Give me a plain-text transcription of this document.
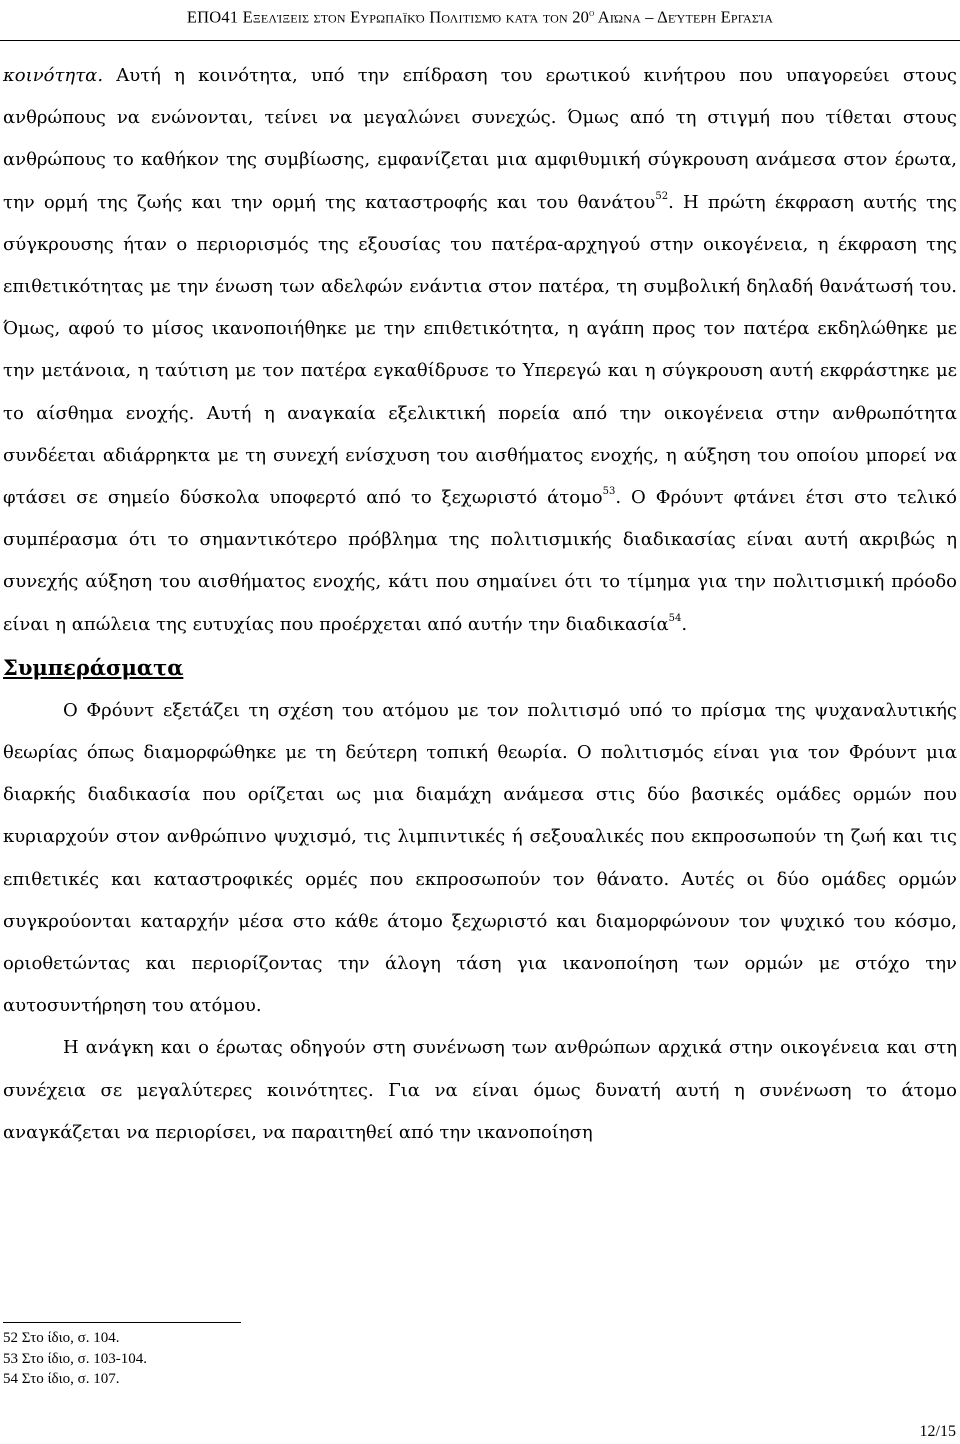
ΕΠΟ41 Εξελίξεις στον Ευρωπαϊκό Πολιτισμό κατά τον $20^o$ Αιώνα – Δεύτερη Εργασία

κοινότητα. Αυτή η κοινότητα, υπό την επίδραση του ερωτικού κινήτρου που υπαγορεύει στους ανθρώπους να ενώνονται, τείνει να μεγαλώνει συνεχώς. Όμως από τη στιγμή που τίθεται στους ανθρώπους το καθήκον της συμβίωσης, εμφανίζεται μια αμφιθυμική σύγκρουση ανάμεσα στον έρωτα, την ορμή της ζωής και την ορμή της καταστροφής και του θανάτου$^{52}$. Η πρώτη έκφραση αυτής της σύγκρουσης ήταν ο περιορισμός της εξουσίας του πατέρα-αρχηγού στην οικογένεια, η έκφραση της επιθετικότητας με την ένωση των αδελφών ενάντια στον πατέρα, τη συμβολική δηλαδή θανάτωσή του. Όμως, αφού το μίσος ικανοποιήθηκε με την επιθετικότητα, η αγάπη προς τον πατέρα εκδηλώθηκε με την μετάνοια, η ταύτιση με τον πατέρα εγκαθίδρυσε το Υπερεγώ και η σύγκρουση αυτή εκφράστηκε με το αίσθημα ενοχής. Αυτή η αναγκαία εξελικτική πορεία από την οικογένεια στην ανθρωπότητα συνδέεται αδιάρρηκτα με τη συνεχή ενίσχυση του αισθήματος ενοχής, η αύξηση του οποίου μπορεί να φτάσει σε σημείο δύσκολα υποφερτό από το ξεχωριστό άτομο$^{53}$. Ο Φρόυντ φτάνει έτσι στο τελικό συμπέρασμα ότι το σημαντικότερο πρόβλημα της πολιτισμικής διαδικασίας είναι αυτή ακριβώς η συνεχής αύξηση του αισθήματος ενοχής, κάτι που σημαίνει ότι το τίμημα για την πολιτισμική πρόοδο είναι η απώλεια της ευτυχίας που προέρχεται από αυτήν την διαδικασία$^{54}$.

Συμπεράσματα

Ο Φρόυντ εξετάζει τη σχέση του ατόμου με τον πολιτισμό υπό το πρίσμα της ψυχαναλυτικής θεωρίας όπως διαμορφώθηκε με τη δεύτερη τοπική θεωρία. Ο πολιτισμός είναι για τον Φρόυντ μια διαρκής διαδικασία που ορίζεται ως μια διαμάχη ανάμεσα στις δύο βασικές ομάδες ορμών που κυριαρχούν στον ανθρώπινο ψυχισμό, τις λιμπιντικές ή σεξουαλικές που εκπροσωπούν τη ζωή και τις επιθετικές και καταστροφικές ορμές που εκπροσωπούν τον θάνατο. Αυτές οι δύο ομάδες ορμών συγκρούονται καταρχήν μέσα στο κάθε άτομο ξεχωριστό και διαμορφώνουν τον ψυχικό του κόσμο, οριοθετώντας και περιορίζοντας την άλογη τάση για ικανοποίηση των ορμών με στόχο την αυτοσυντήρηση του ατόμου.

Η ανάγκη και ο έρωτας οδηγούν στη συνένωση των ανθρώπων αρχικά στην οικογένεια και στη συνέχεια σε μεγαλύτερες κοινότητες. Για να είναι όμως δυνατή αυτή η συνένωση το άτομο αναγκάζεται να περιορίσει, να παραιτηθεί από την ικανοποίηση

52 Στο ίδιο, σ. 104.
53 Στο ίδιο, σ. 103-104.
54 Στο ίδιο, σ. 107.
12/15
